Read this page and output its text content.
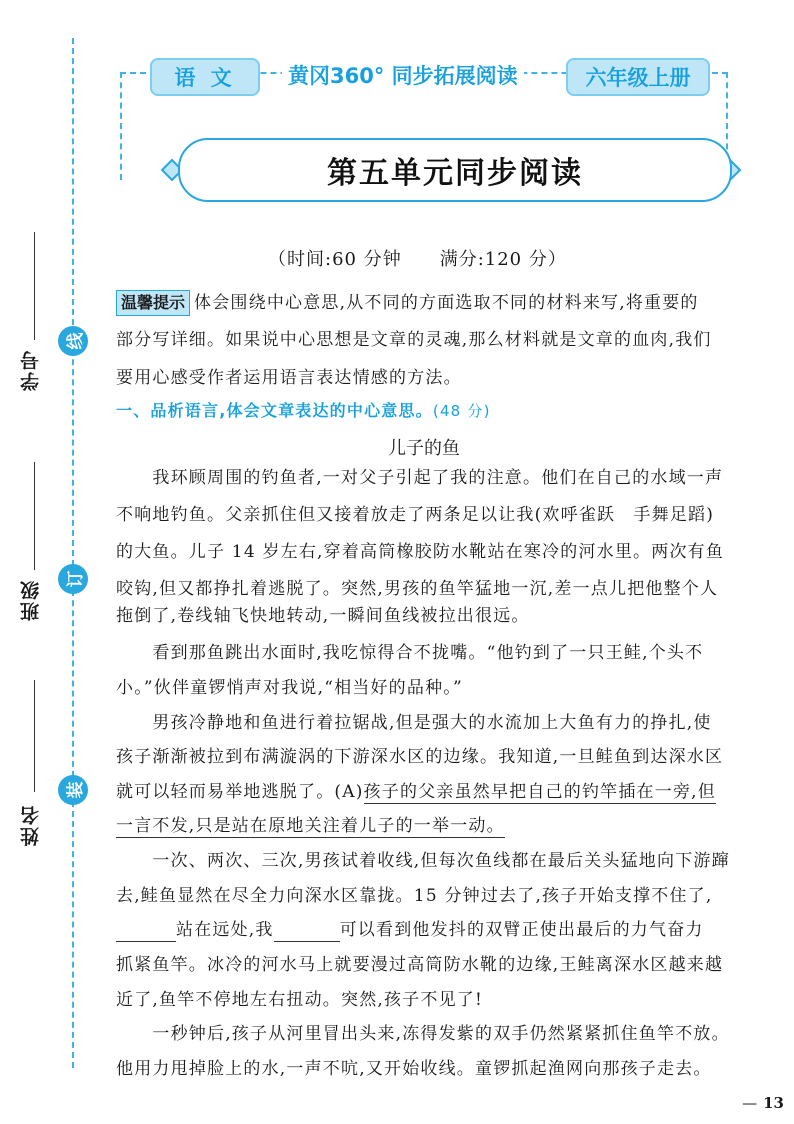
线
订
装
学号
班级
姓名
语 文	黄冈360° 同步拓展阅读	六年级上册
第五单元同步阅读
（时间:60 分钟　　满分:120 分）
温馨提示 体会围绕中心意思,从不同的方面选取不同的材料来写,将重要的
部分写详细。如果说中心思想是文章的灵魂,那么材料就是文章的血肉,我们
要用心感受作者运用语言表达情感的方法。
一、品析语言,体会文章表达的中心意思。(48 分)
儿子的鱼
　　我环顾周围的钓鱼者,一对父子引起了我的注意。他们在自己的水域一声
不响地钓鱼。父亲抓住但又接着放走了两条足以让我(欢呼雀跃　手舞足蹈)
的大鱼。儿子 14 岁左右,穿着高筒橡胶防水靴站在寒冷的河水里。两次有鱼
咬钩,但又都挣扎着逃脱了。突然,男孩的鱼竿猛地一沉,差一点儿把他整个人
拖倒了,卷线轴飞快地转动,一瞬间鱼线被拉出很远。
　　看到那鱼跳出水面时,我吃惊得合不拢嘴。“他钓到了一只王鲑,个头不
小。”伙伴童锣悄声对我说,“相当好的品种。”
　　男孩冷静地和鱼进行着拉锯战,但是强大的水流加上大鱼有力的挣扎,使
孩子渐渐被拉到布满漩涡的下游深水区的边缘。我知道,一旦鲑鱼到达深水区
就可以轻而易举地逃脱了。(A)孩子的父亲虽然早把自己的钓竿插在一旁,但
一言不发,只是站在原地关注着儿子的一举一动。
　　一次、两次、三次,男孩试着收线,但每次鱼线都在最后关头猛地向下游蹿
去,鲑鱼显然在尽全力向深水区靠拢。15 分钟过去了,孩子开始支撑不住了,
站在远处,我	可以看到他发抖的双臂正使出最后的力气奋力
抓紧鱼竿。冰冷的河水马上就要漫过高筒防水靴的边缘,王鲑离深水区越来越
近了,鱼竿不停地左右扭动。突然,孩子不见了!
　　一秒钟后,孩子从河里冒出头来,冻得发紫的双手仍然紧紧抓住鱼竿不放。
他用力甩掉脸上的水,一声不吭,又开始收线。童锣抓起渔网向那孩子走去。
— 13
